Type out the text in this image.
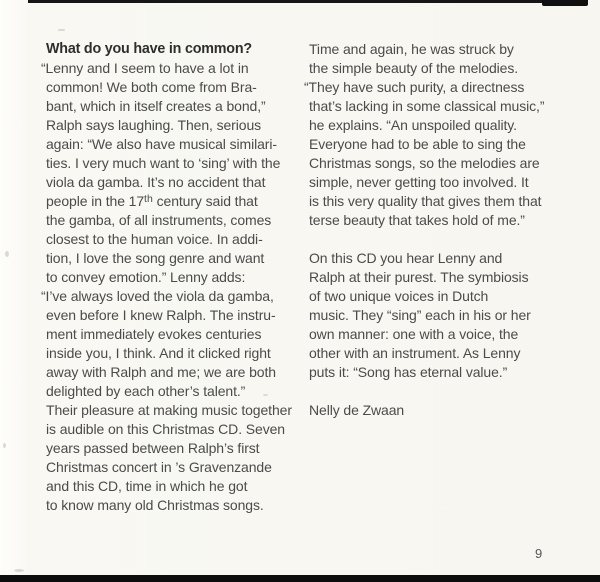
What do you have in common?
“Lenny and I seem to have a lot in
common! We both come from Bra-
bant, which in itself creates a bond,”
Ralph says laughing. Then, serious
again: “We also have musical similari-
ties. I very much want to ‘sing’ with the
viola da gamba. It’s no accident that
people in the 17th century said that
the gamba, of all instruments, comes
closest to the human voice. In addi-
tion, I love the song genre and want
to convey emotion.” Lenny adds:
“I’ve always loved the viola da gamba,
even before I knew Ralph. The instru-
ment immediately evokes centuries
inside you, I think. And it clicked right
away with Ralph and me; we are both
delighted by each other’s talent.”
Their pleasure at making music together
is audible on this Christmas CD. Seven
years passed between Ralph’s first
Christmas concert in ’s Gravenzande
and this CD, time in which he got
to know many old Christmas songs.
Time and again, he was struck by
the simple beauty of the melodies.
“They have such purity, a directness
that’s lacking in some classical music,”
he explains. “An unspoiled quality.
Everyone had to be able to sing the
Christmas songs, so the melodies are
simple, never getting too involved. It
is this very quality that gives them that
terse beauty that takes hold of me.”
On this CD you hear Lenny and
Ralph at their purest. The symbiosis
of two unique voices in Dutch
music. They “sing” each in his or her
own manner: one with a voice, the
other with an instrument. As Lenny
puts it: “Song has eternal value.”
Nelly de Zwaan
9
